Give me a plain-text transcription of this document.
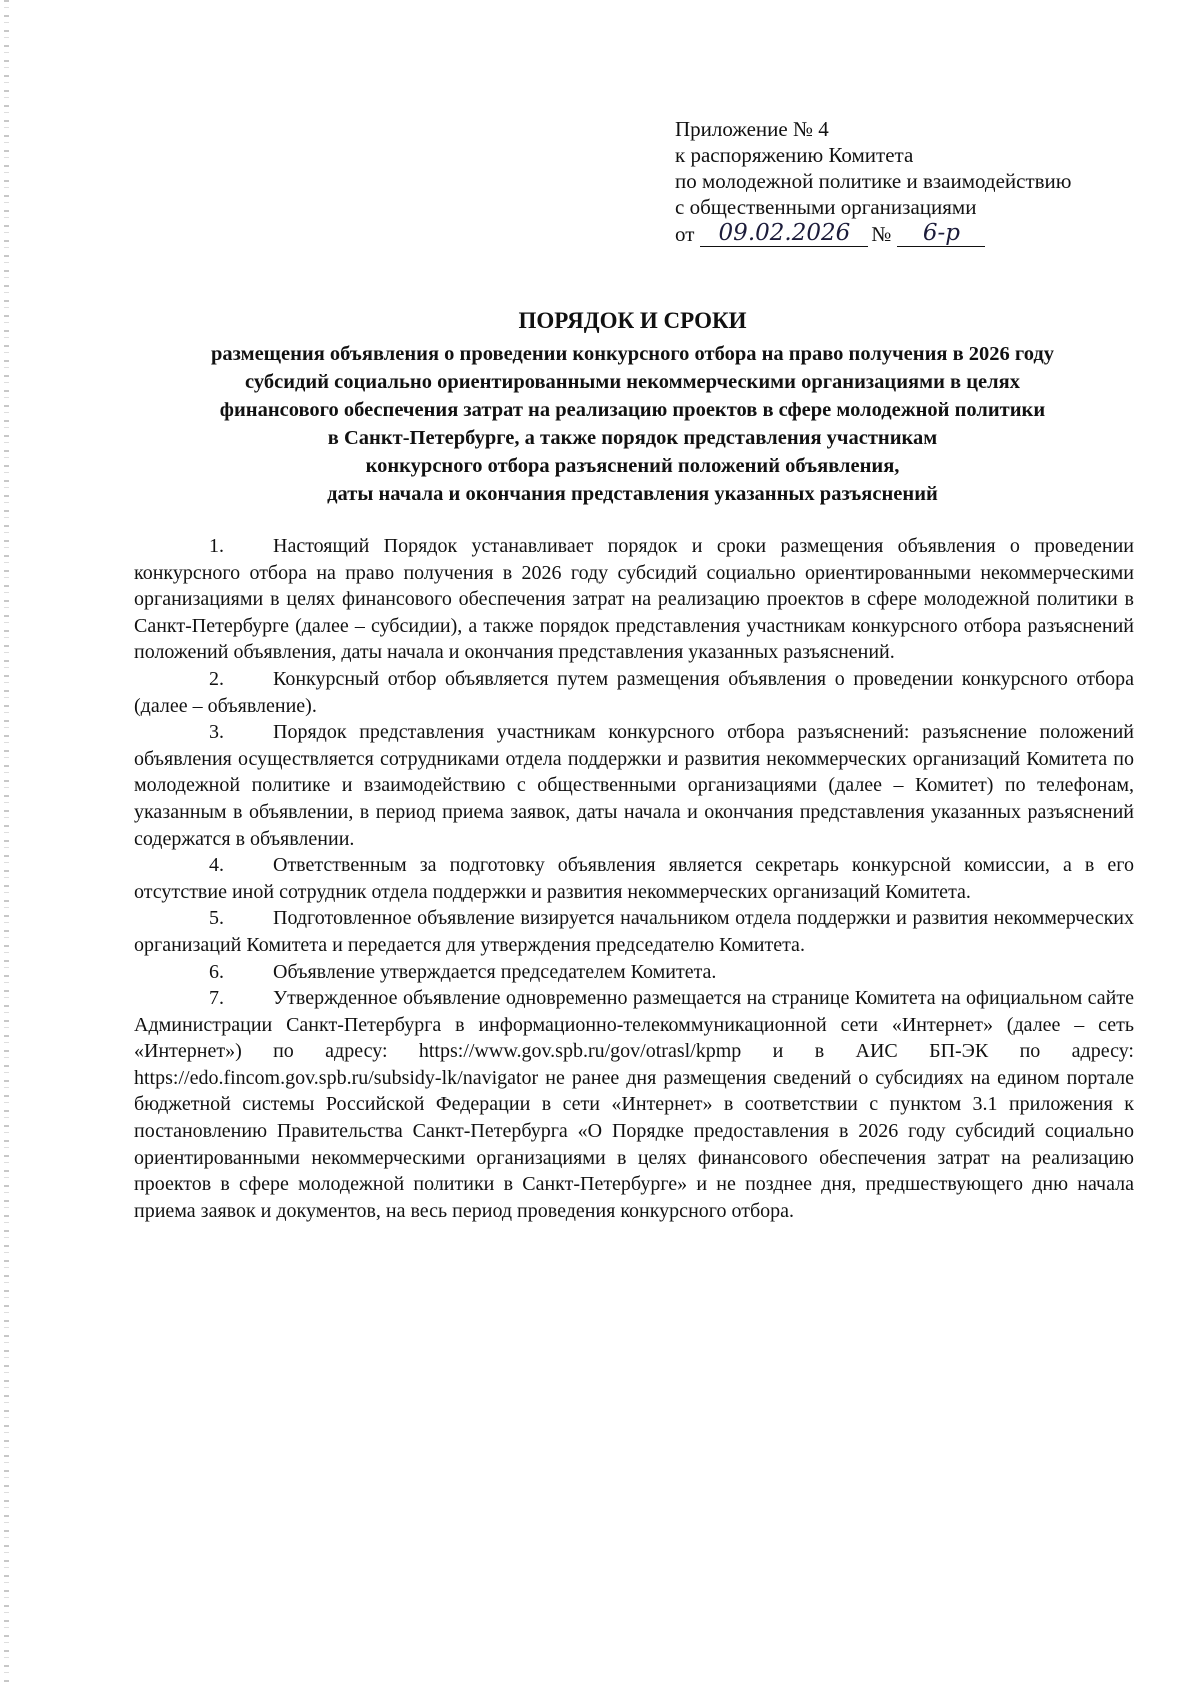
Приложение № 4
к распоряжению Комитета
по молодежной политике и взаимодействию
с общественными организациями
от	09.02.2026	№	6-р
ПОРЯДОК И СРОКИ
размещения объявления о проведении конкурсного отбора на право получения в 2026 году
субсидий социально ориентированными некоммерческими организациями в целях
финансового обеспечения затрат на реализацию проектов в сфере молодежной политики
в Санкт-Петербурге, а также порядок представления участникам
конкурсного отбора разъяснений положений объявления,
даты начала и окончания представления указанных разъяснений

1. Настоящий Порядок устанавливает порядок и сроки размещения объявления о проведении конкурсного отбора на право получения в 2026 году субсидий социально ориентированными некоммерческими организациями в целях финансового обеспечения затрат на реализацию проектов в сфере молодежной политики в Санкт-Петербурге (далее – субсидии), а также порядок представления участникам конкурсного отбора разъяснений положений объявления, даты начала и окончания представления указанных разъяснений.

2. Конкурсный отбор объявляется путем размещения объявления о проведении конкурсного отбора (далее – объявление).

3. Порядок представления участникам конкурсного отбора разъяснений: разъяснение положений объявления осуществляется сотрудниками отдела поддержки и развития некоммерческих организаций Комитета по молодежной политике и взаимодействию с общественными организациями (далее – Комитет) по телефонам, указанным в объявлении, в период приема заявок, даты начала и окончания представления указанных разъяснений содержатся в объявлении.

4. Ответственным за подготовку объявления является секретарь конкурсной комиссии, а в его отсутствие иной сотрудник отдела поддержки и развития некоммерческих организаций Комитета.

5. Подготовленное объявление визируется начальником отдела поддержки и развития некоммерческих организаций Комитета и передается для утверждения председателю Комитета.

6. Объявление утверждается председателем Комитета.

7. Утвержденное объявление одновременно размещается на странице Комитета на официальном сайте Администрации Санкт-Петербурга в информационно-телекоммуникационной сети «Интернет» (далее – сеть «Интернет») по адресу: https://www.gov.spb.ru/gov/otrasl/kpmp и в АИС БП-ЭК по адресу: https://edo.fincom.gov.spb.ru/subsidy-lk/navigator не ранее дня размещения сведений о субсидиях на едином портале бюджетной системы Российской Федерации в сети «Интернет» в соответствии с пунктом 3.1 приложения к постановлению Правительства Санкт-Петербурга «О Порядке предоставления в 2026 году субсидий социально ориентированными некоммерческими организациями в целях финансового обеспечения затрат на реализацию проектов в сфере молодежной политики в Санкт-Петербурге» и не позднее дня, предшествующего дню начала приема заявок и документов, на весь период проведения конкурсного отбора.
